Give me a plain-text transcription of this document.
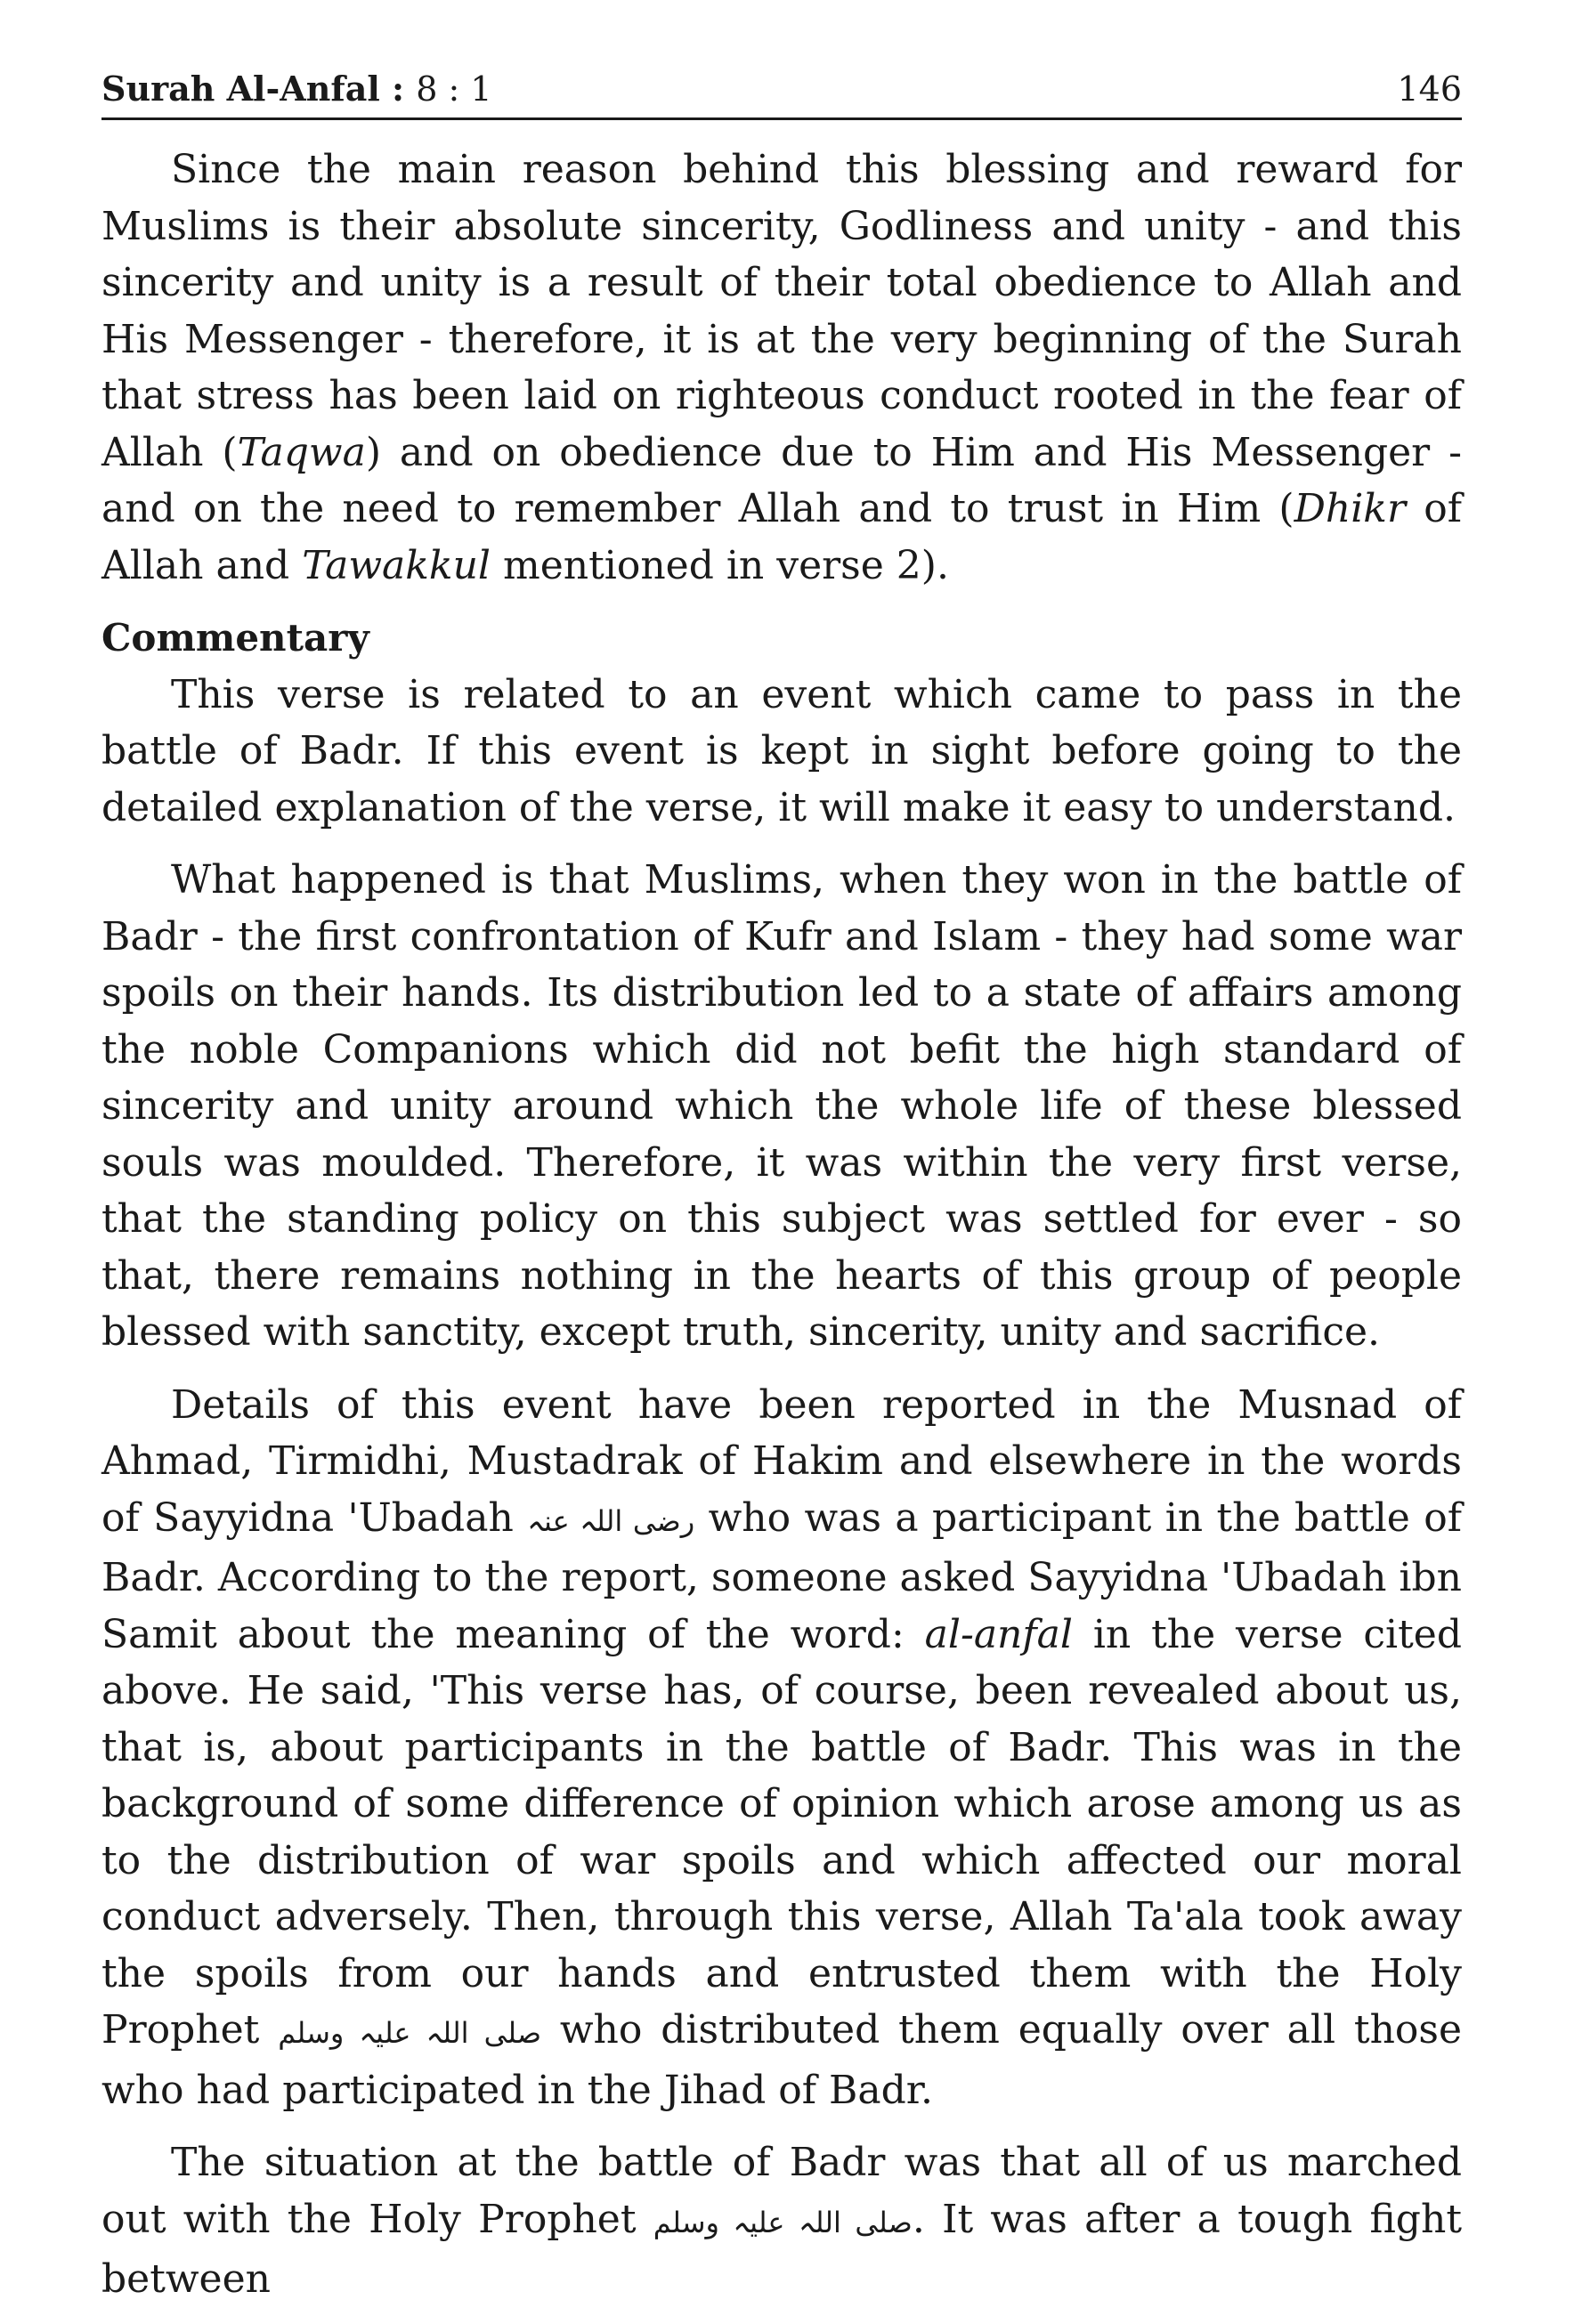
Surah Al-Anfal : 8 : 1	146

Since the main reason behind this blessing and reward for Muslims is their absolute sincerity, Godliness and unity - and this sincerity and unity is a result of their total obedience to Allah and His Messenger - therefore, it is at the very beginning of the Surah that stress has been laid on righteous conduct rooted in the fear of Allah (Taqwa) and on obedience due to Him and His Messenger - and on the need to remember Allah and to trust in Him (Dhikr of Allah and Tawakkul mentioned in verse 2).

Commentary

This verse is related to an event which came to pass in the battle of Badr. If this event is kept in sight before going to the detailed explanation of the verse, it will make it easy to understand.

What happened is that Muslims, when they won in the battle of Badr - the first confrontation of Kufr and Islam - they had some war spoils on their hands. Its distribution led to a state of affairs among the noble Companions which did not befit the high standard of sincerity and unity around which the whole life of these blessed souls was moulded. Therefore, it was within the very first verse, that the standing policy on this subject was settled for ever - so that, there remains nothing in the hearts of this group of people blessed with sanctity, except truth, sincerity, unity and sacrifice.

Details of this event have been reported in the Musnad of Ahmad, Tirmidhi, Mustadrak of Hakim and elsewhere in the words of Sayyidna 'Ubadah رضی اللہ عنہ who was a participant in the battle of Badr. According to the report, someone asked Sayyidna 'Ubadah ibn Samit about the meaning of the word: al-anfal in the verse cited above. He said, 'This verse has, of course, been revealed about us, that is, about participants in the battle of Badr. This was in the background of some difference of opinion which arose among us as to the distribution of war spoils and which affected our moral conduct adversely. Then, through this verse, Allah Ta'ala took away the spoils from our hands and entrusted them with the Holy Prophet صلی اللہ علیہ وسلم who distributed them equally over all those who had participated in the Jihad of Badr.

The situation at the battle of Badr was that all of us marched out with the Holy Prophet صلی اللہ علیہ وسلم. It was after a tough fight between
